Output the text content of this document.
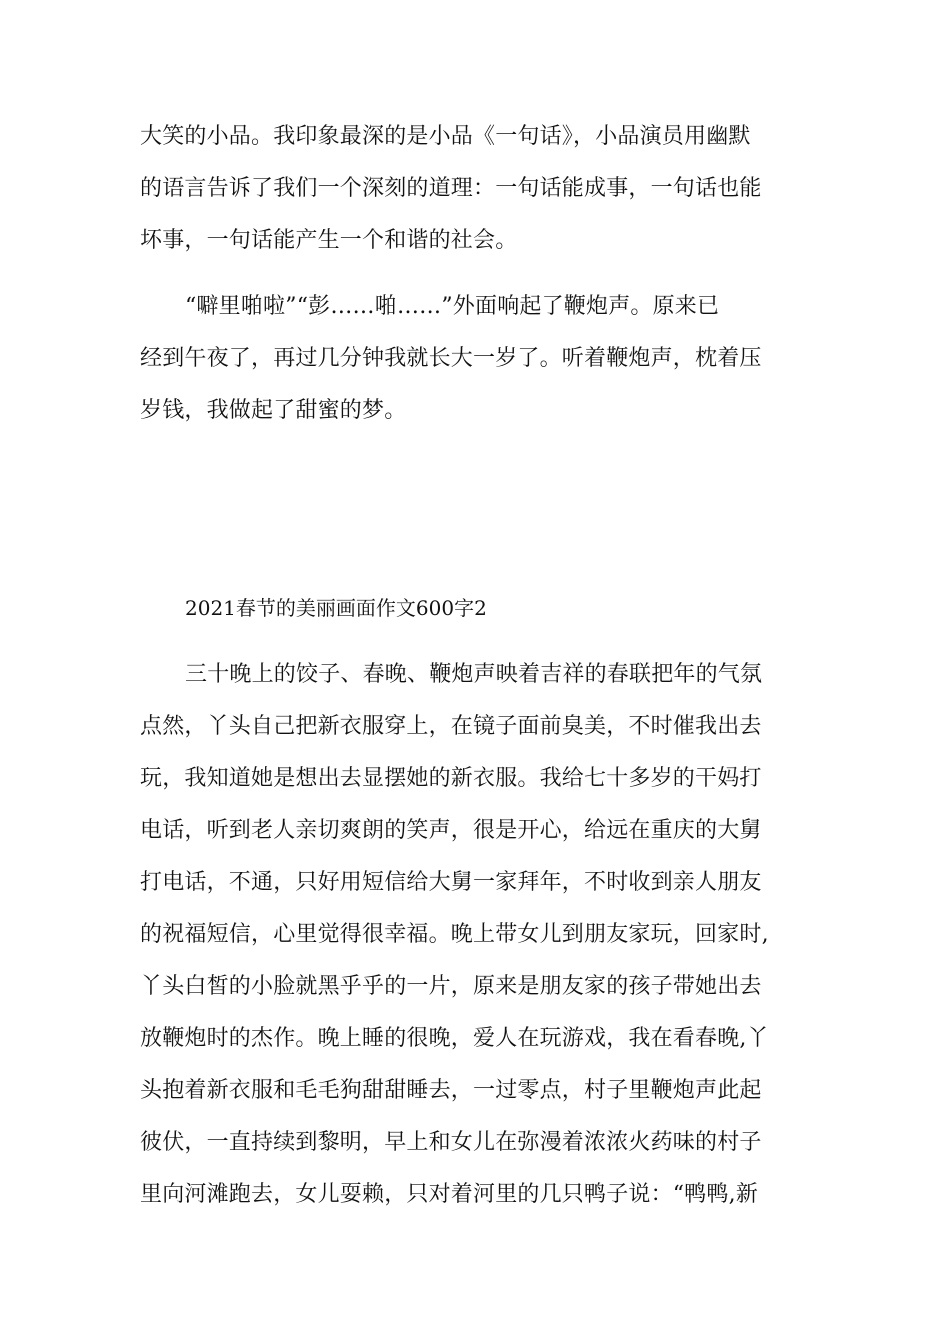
大笑的小品。我印象最深的是小品《一句话》，小品演员用幽默
的语言告诉了我们一个深刻的道理：一句话能成事，一句话也能
坏事，一句话能产生一个和谐的社会。
“噼里啪啦”“彭……啪……”外面响起了鞭炮声。原来已
经到午夜了，再过几分钟我就长大一岁了。听着鞭炮声，枕着压
岁钱，我做起了甜蜜的梦。
2021春节的美丽画面作文600字2
三十晚上的饺子、春晚、鞭炮声映着吉祥的春联把年的气氛
点然，丫头自己把新衣服穿上，在镜子面前臭美，不时催我出去
玩，我知道她是想出去显摆她的新衣服。我给七十多岁的干妈打
电话，听到老人亲切爽朗的笑声，很是开心，给远在重庆的大舅
打电话，不通，只好用短信给大舅一家拜年，不时收到亲人朋友
的祝福短信，心里觉得很幸福。晚上带女儿到朋友家玩，回家时,
丫头白皙的小脸就黑乎乎的一片，原来是朋友家的孩子带她出去
放鞭炮时的杰作。晚上睡的很晚，爱人在玩游戏，我在看春晚,丫
头抱着新衣服和毛毛狗甜甜睡去，一过零点，村子里鞭炮声此起
彼伏，一直持续到黎明，早上和女儿在弥漫着浓浓火药味的村子
里向河滩跑去，女儿耍赖，只对着河里的几只鸭子说：“鸭鸭,新
